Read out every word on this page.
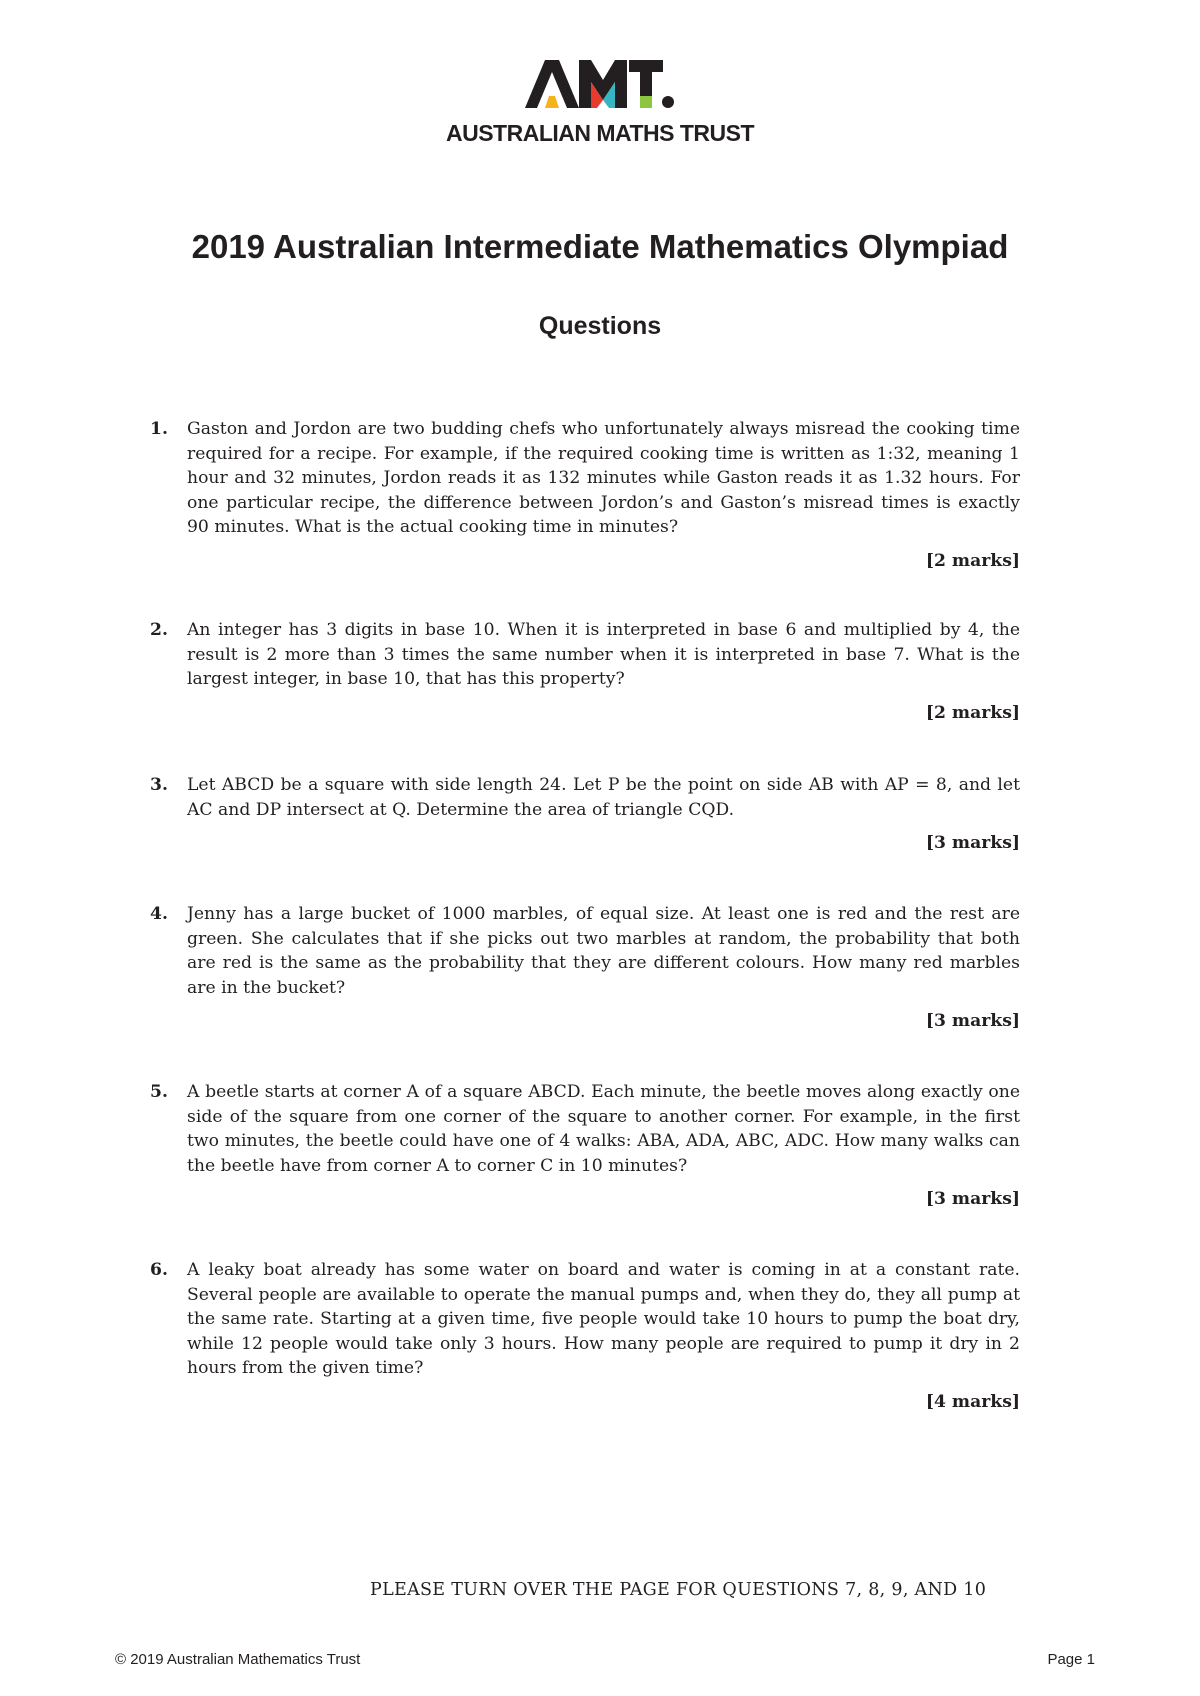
AUSTRALIAN MATHS TRUST
2019 Australian Intermediate Mathematics Olympiad
Questions
1. Gaston and Jordon are two budding chefs who unfortunately always misread the cooking time required for a recipe. For example, if the required cooking time is written as 1:32, meaning 1 hour and 32 minutes, Jordon reads it as 132 minutes while Gaston reads it as 1.32 hours. For one particular recipe, the difference between Jordon’s and Gaston’s misread times is exactly 90 minutes. What is the actual cooking time in minutes?
[2 marks]
2. An integer has 3 digits in base 10. When it is interpreted in base 6 and multiplied by 4, the result is 2 more than 3 times the same number when it is interpreted in base 7. What is the largest integer, in base 10, that has this property?
[2 marks]
3. Let ABCD be a square with side length 24. Let P be the point on side AB with AP = 8, and let AC and DP intersect at Q. Determine the area of triangle CQD.
[3 marks]
4. Jenny has a large bucket of 1000 marbles, of equal size. At least one is red and the rest are green. She calculates that if she picks out two marbles at random, the probability that both are red is the same as the probability that they are different colours. How many red marbles are in the bucket?
[3 marks]
5. A beetle starts at corner A of a square ABCD. Each minute, the beetle moves along exactly one side of the square from one corner of the square to another corner. For example, in the first two minutes, the beetle could have one of 4 walks: ABA, ADA, ABC, ADC. How many walks can the beetle have from corner A to corner C in 10 minutes?
[3 marks]
6. A leaky boat already has some water on board and water is coming in at a constant rate. Several people are available to operate the manual pumps and, when they do, they all pump at the same rate. Starting at a given time, five people would take 10 hours to pump the boat dry, while 12 people would take only 3 hours. How many people are required to pump it dry in 2 hours from the given time?
[4 marks]
PLEASE TURN OVER THE PAGE FOR QUESTIONS 7, 8, 9, AND 10
© 2019 Australian Mathematics Trust	Page 1
